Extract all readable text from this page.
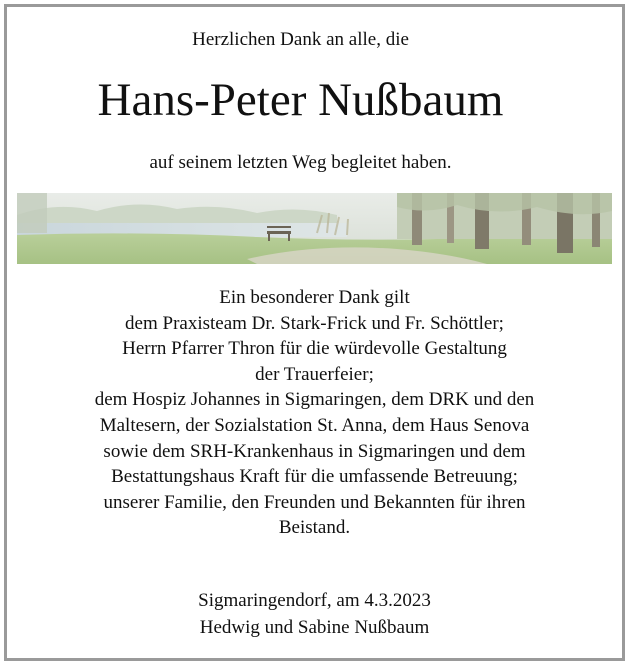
Herzlichen Dank an alle, die
Hans-Peter Nußbaum
auf seinem letzten Weg begleitet haben.
Ein besonderer Dank gilt
dem Praxisteam Dr. Stark-Frick und Fr. Schöttler;
Herrn Pfarrer Thron für die würdevolle Gestaltung
der Trauerfeier;
dem Hospiz Johannes in Sigmaringen, dem DRK und den
Maltesern, der Sozialstation St. Anna, dem Haus Senova
sowie dem SRH-Krankenhaus in Sigmaringen und dem
Bestattungshaus Kraft für die umfassende Betreuung;
unserer Familie, den Freunden und Bekannten für ihren
Beistand.
Sigmaringendorf, am 4.3.2023
Hedwig und Sabine Nußbaum
